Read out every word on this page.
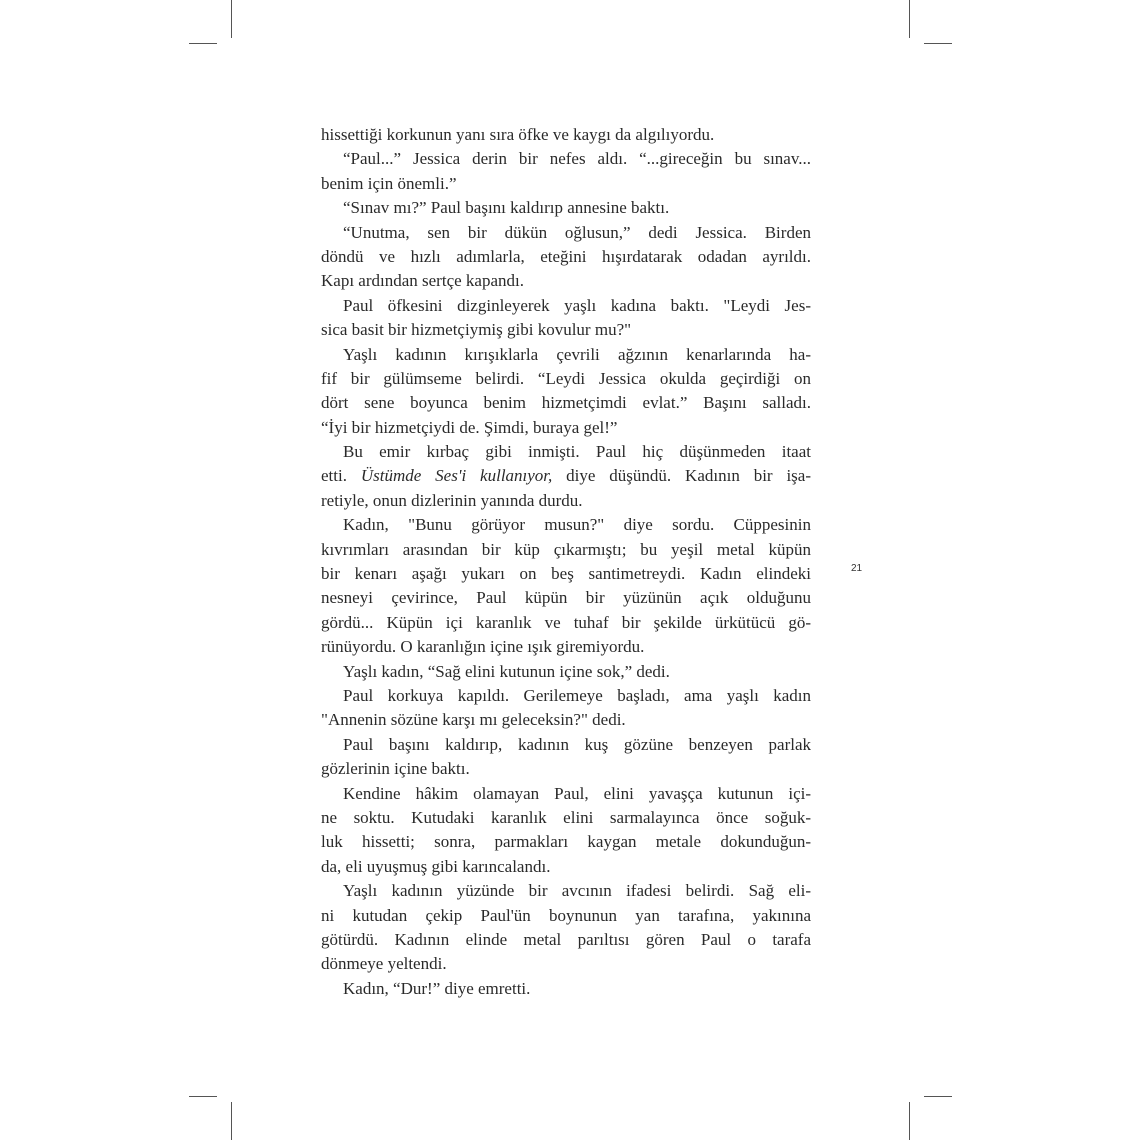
hissettiği korkunun yanı sıra öfke ve kaygı da algılıyordu.
“Paul...” Jessica derin bir nefes aldı. “...gireceğin bu sınav...
benim için önemli.”
“Sınav mı?” Paul başını kaldırıp annesine baktı.
“Unutma, sen bir dükün oğlusun,” dedi Jessica. Birden
döndü ve hızlı adımlarla, eteğini hışırdatarak odadan ayrıldı.
Kapı ardından sertçe kapandı.
Paul öfkesini dizginleyerek yaşlı kadına baktı. "Leydi Jes-
sica basit bir hizmetçiymiş gibi kovulur mu?"
Yaşlı kadının kırışıklarla çevrili ağzının kenarlarında ha-
fif bir gülümseme belirdi. “Leydi Jessica okulda geçirdiği on
dört sene boyunca benim hizmetçimdi evlat.” Başını salladı.
“İyi bir hizmetçiydi de. Şimdi, buraya gel!”
Bu emir kırbaç gibi inmişti. Paul hiç düşünmeden itaat
etti. Üstümde Ses'i kullanıyor, diye düşündü. Kadının bir işa-
retiyle, onun dizlerinin yanında durdu.
Kadın, "Bunu görüyor musun?" diye sordu. Cüppesinin
kıvrımları arasından bir küp çıkarmıştı; bu yeşil metal küpün
bir kenarı aşağı yukarı on beş santimetreydi. Kadın elindeki
nesneyi çevirince, Paul küpün bir yüzünün açık olduğunu
gördü... Küpün içi karanlık ve tuhaf bir şekilde ürkütücü gö-
rünüyordu. O karanlığın içine ışık giremiyordu.
Yaşlı kadın, “Sağ elini kutunun içine sok,” dedi.
Paul korkuya kapıldı. Gerilemeye başladı, ama yaşlı kadın
"Annenin sözüne karşı mı geleceksin?" dedi.
Paul başını kaldırıp, kadının kuş gözüne benzeyen parlak
gözlerinin içine baktı.
Kendine hâkim olamayan Paul, elini yavaşça kutunun içi-
ne soktu. Kutudaki karanlık elini sarmalayınca önce soğuk-
luk hissetti; sonra, parmakları kaygan metale dokunduğun-
da, eli uyuşmuş gibi karıncalandı.
Yaşlı kadının yüzünde bir avcının ifadesi belirdi. Sağ eli-
ni kutudan çekip Paul'ün boynunun yan tarafına, yakınına
götürdü. Kadının elinde metal parıltısı gören Paul o tarafa
dönmeye yeltendi.
Kadın, “Dur!” diye emretti.
21
